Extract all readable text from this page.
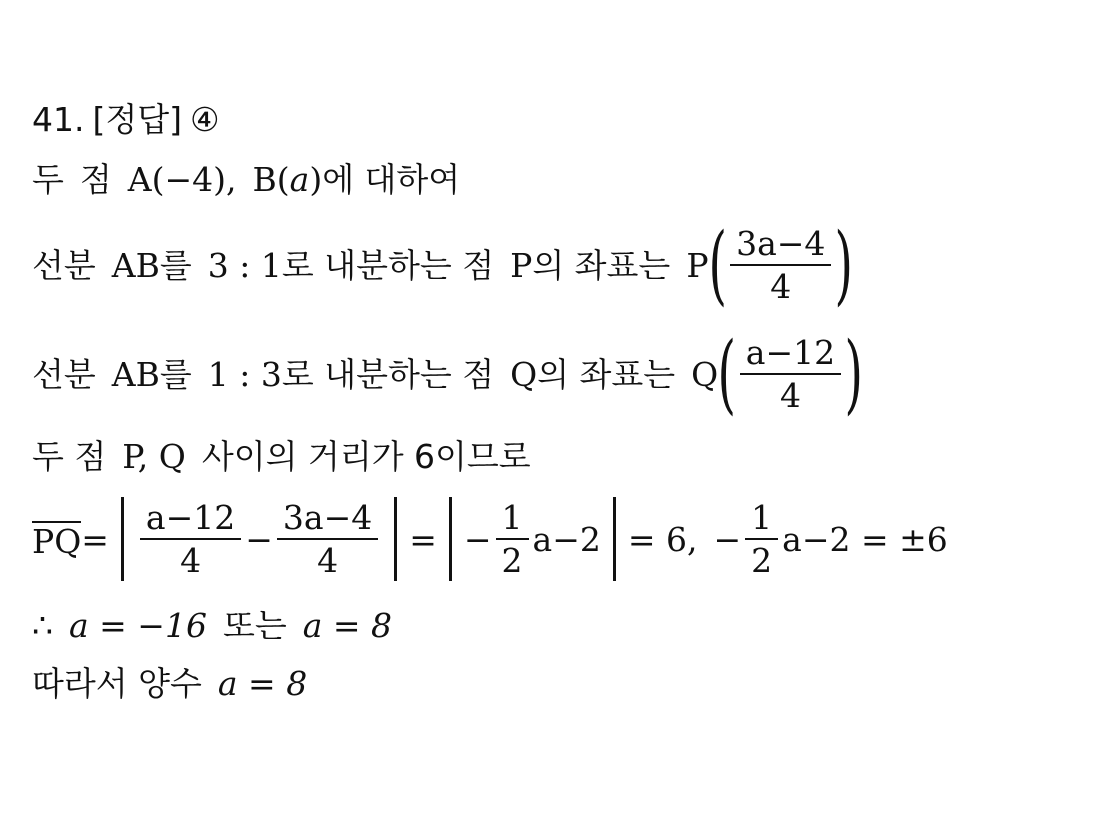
41. [정답] ④
두 점 A(−4), B( a ) 에 대하여
선분 AB 를 3 : 1 로 내분하는 점 P 의 좌표는 P ( $\frac{3a-4}{4}$ )
선분 AB 를 1 : 3 로 내분하는 점 Q 의 좌표는 Q ( $\frac{a-12}{4}$ )
두 점 P, Q 사이의 거리가 6이므로
PQ = $\frac{a-12}{4} - \frac{3a-4}{4}$ = − $\frac{1}{2} a-2 = 6$, − $\frac{1}{2} a-2 = \pm 6$
∴ a = −16 또는 a = 8
따라서 양수 a = 8
